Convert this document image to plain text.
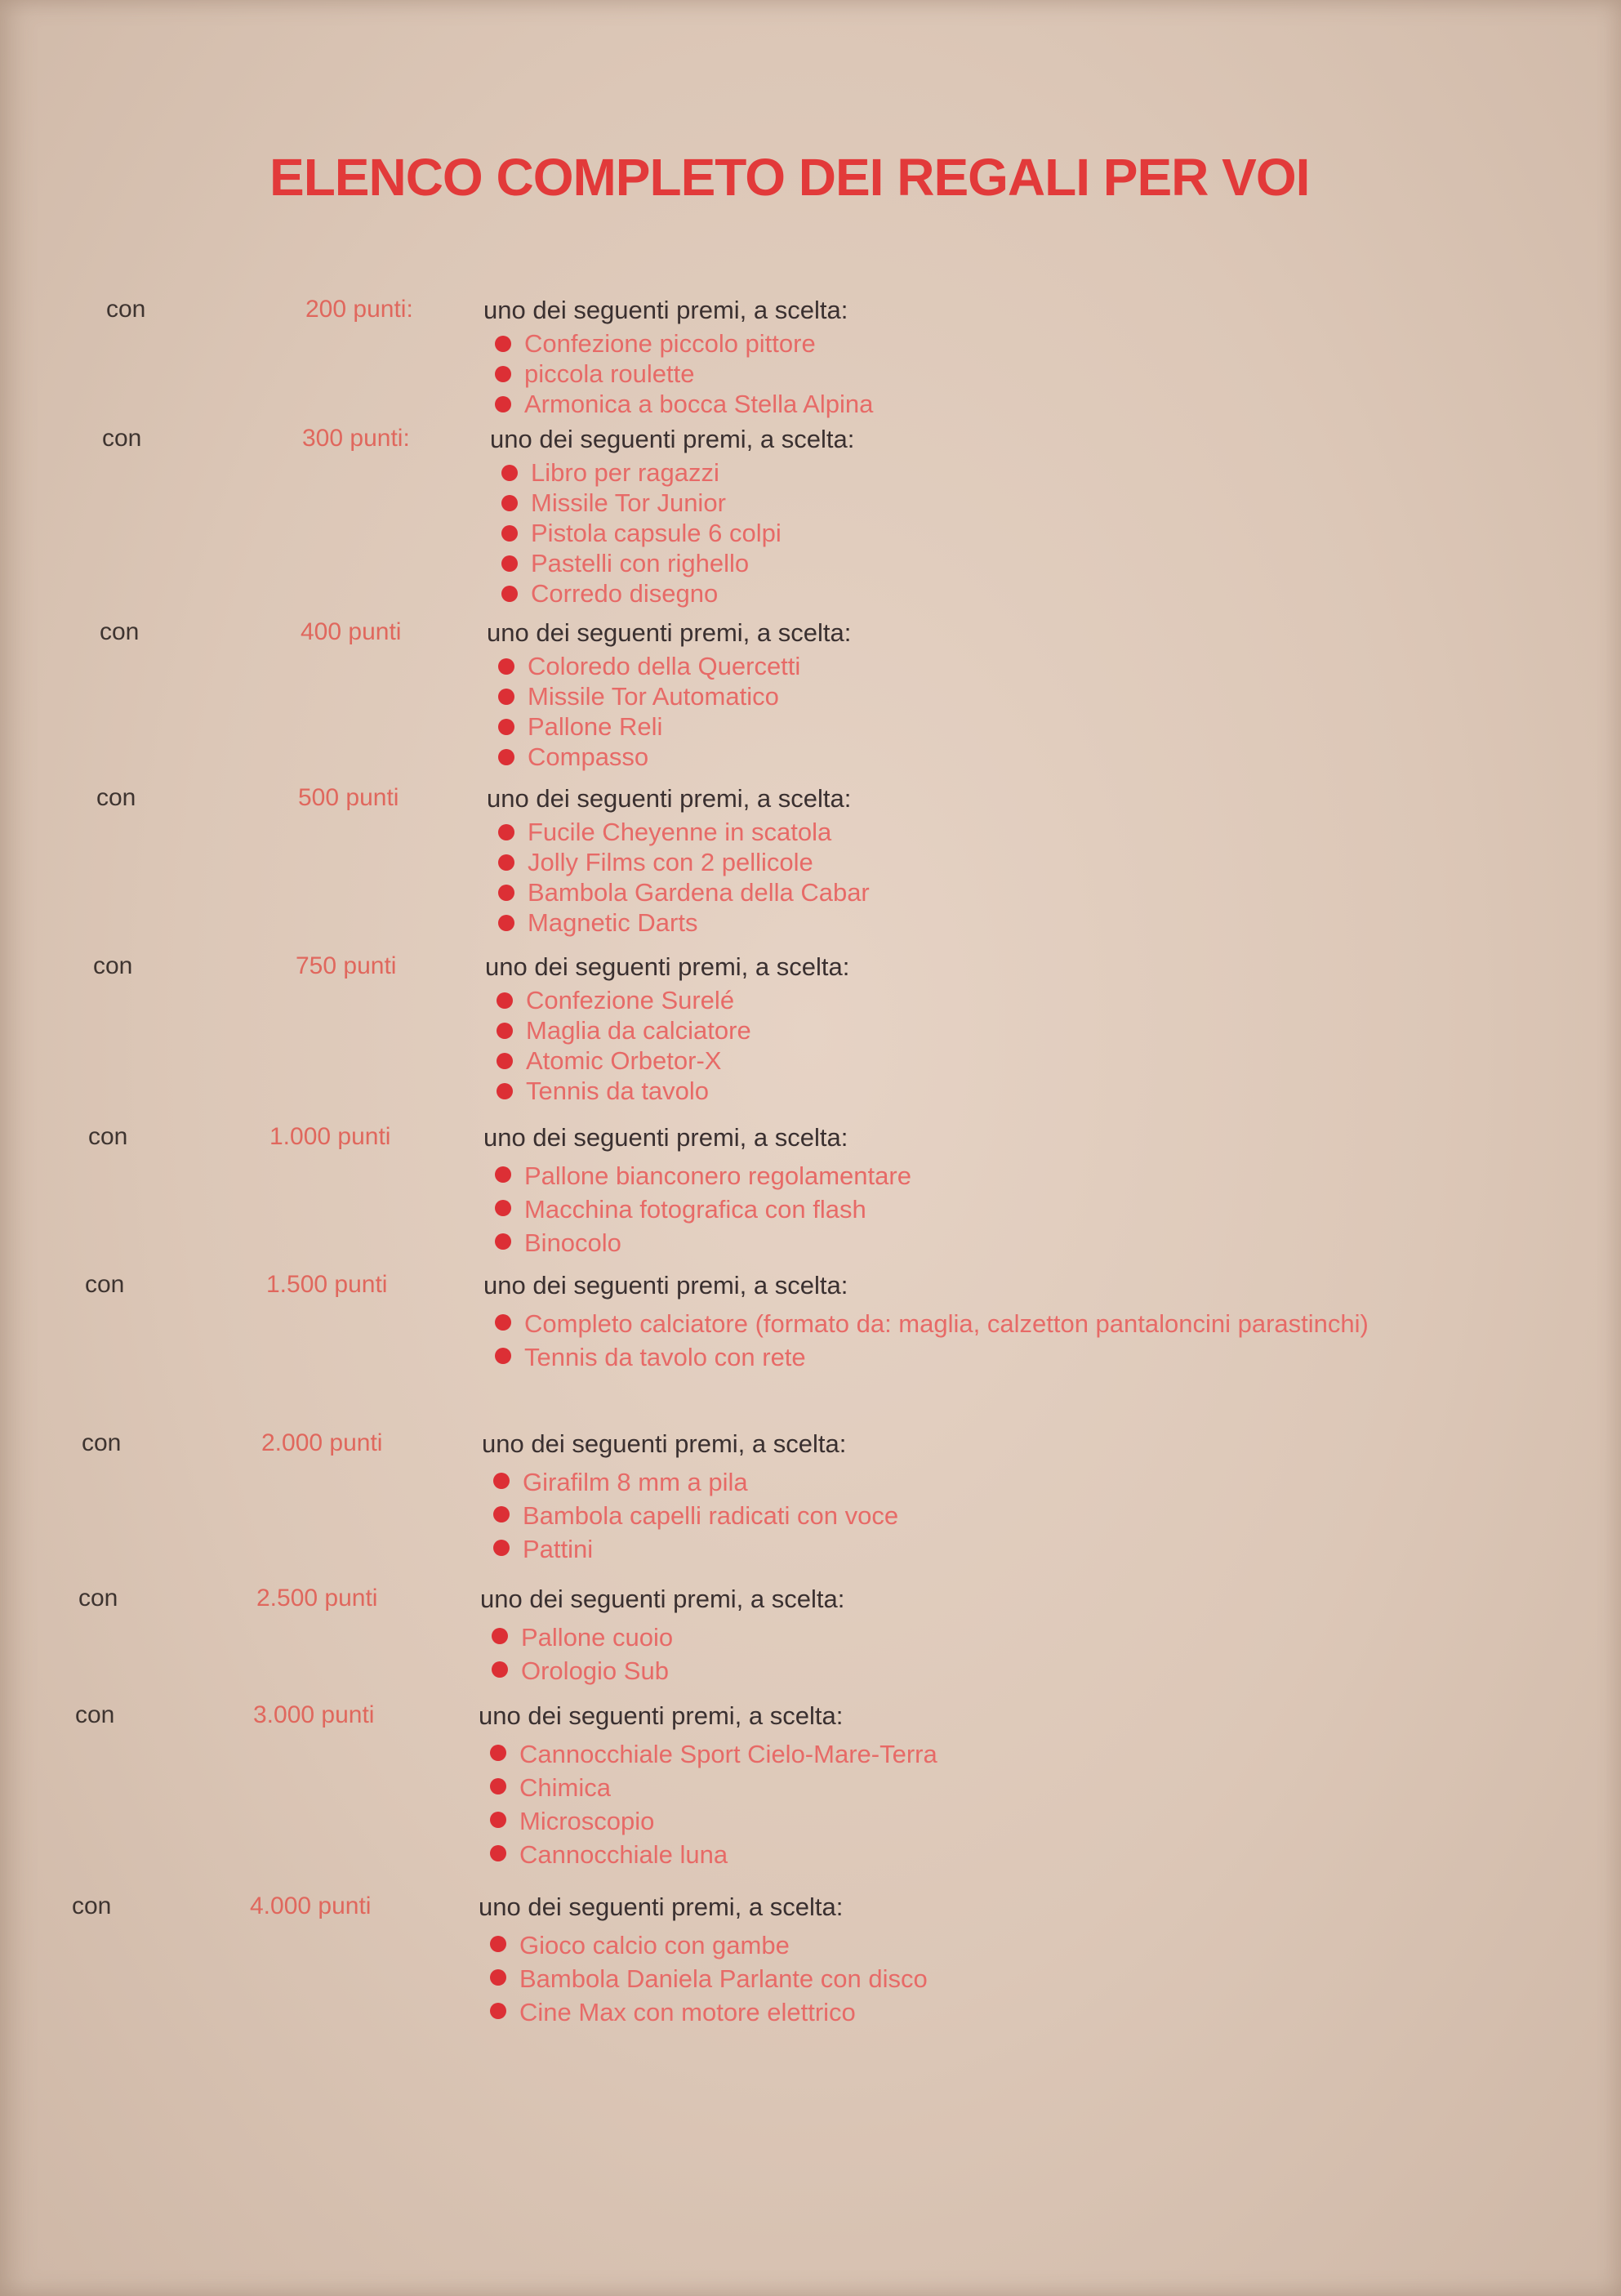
ELENCO COMPLETO DEI REGALI PER VOI
con	200 punti:	uno dei seguenti premi, a scelta:
Confezione piccolo pittore
piccola roulette
Armonica a bocca Stella Alpina
con	300 punti:	uno dei seguenti premi, a scelta:
Libro per ragazzi
Missile Tor Junior
Pistola capsule 6 colpi
Pastelli con righello
Corredo disegno
con	400 punti	uno dei seguenti premi, a scelta:
Coloredo della Quercetti
Missile Tor Automatico
Pallone Reli
Compasso
con	500 punti	uno dei seguenti premi, a scelta:
Fucile Cheyenne in scatola
Jolly Films con 2 pellicole
Bambola Gardena della Cabar
Magnetic Darts
con	750 punti	uno dei seguenti premi, a scelta:
Confezione Surelé
Maglia da calciatore
Atomic Orbetor-X
Tennis da tavolo
con	1.000 punti	uno dei seguenti premi, a scelta:
Pallone bianconero regolamentare
Macchina fotografica con flash
Binocolo
con	1.500 punti	uno dei seguenti premi, a scelta:
Completo calciatore (formato da: maglia, calzetton pantaloncini parastinchi)
Tennis da tavolo con rete
con	2.000 punti	uno dei seguenti premi, a scelta:
Girafilm 8 mm a pila
Bambola capelli radicati con voce
Pattini
con	2.500 punti	uno dei seguenti premi, a scelta:
Pallone cuoio
Orologio Sub
con	3.000 punti	uno dei seguenti premi, a scelta:
Cannocchiale Sport Cielo-Mare-Terra
Chimica
Microscopio
Cannocchiale luna
con	4.000 punti	uno dei seguenti premi, a scelta:
Gioco calcio con gambe
Bambola Daniela Parlante con disco
Cine Max con motore elettrico
